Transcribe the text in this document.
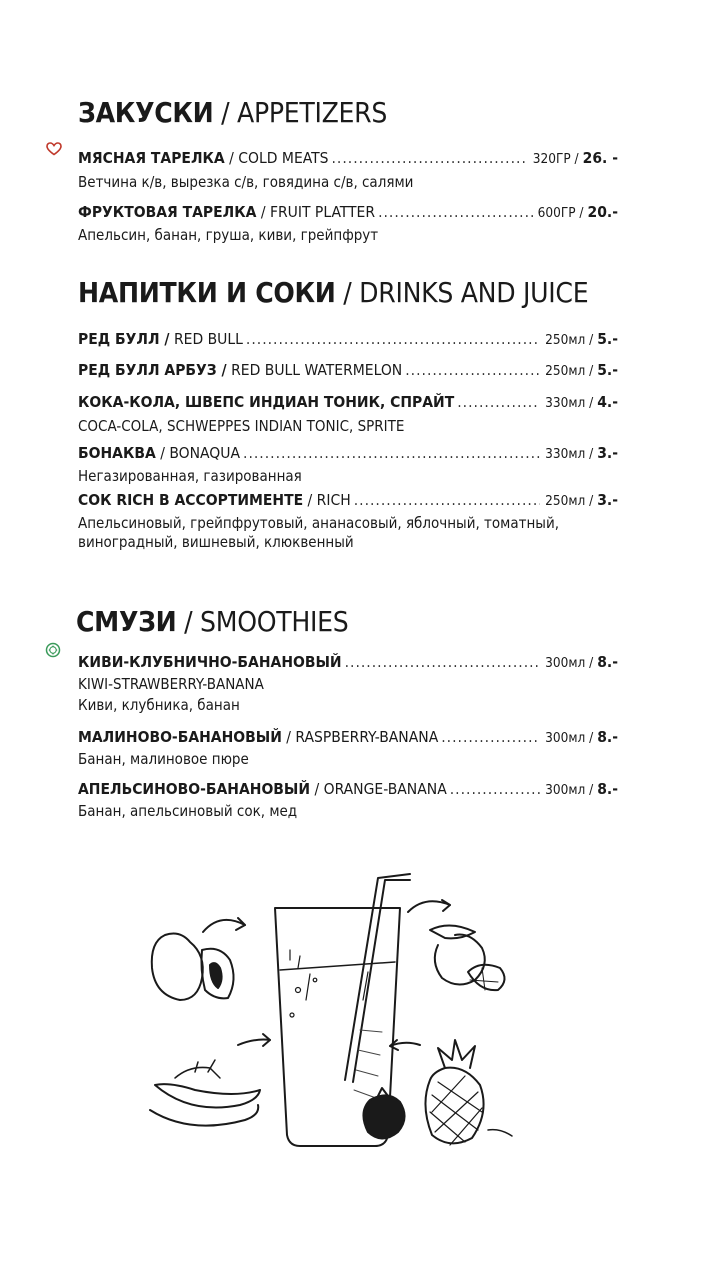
ЗАКУСКИ / APPETIZERS
МЯСНАЯ ТАРЕЛКА / COLD MEATS .....	320ГР / 26. -

Ветчина к/в, вырезка с/в, говядина с/в, салями

ФРУКТОВАЯ ТАРЕЛКА / FRUIT PLATTER .....	600ГР / 20.-

Апельсин, банан, груша, киви, грейпфрут

НАПИТКИ И СОКИ / DRINKS AND JUICE
РЕД БУЛЛ / RED BULL .....	250мл / 5.-
РЕД БУЛЛ АРБУЗ / RED BULL WATERMELON .....	250мл / 5.-
КОКА-КОЛА, ШВЕПС ИНДИАН ТОНИК, СПРАЙТ .....	330мл / 4.-

COCA-COLA, SCHWEPPES INDIAN TONIC, SPRITE

БОНАКВА / BONAQUA .....	330мл / 3.-

Негазированная, газированная

СОК RICH В АССОРТИМЕНТЕ / RICH .....	250мл / 3.-

Апельсиновый, грейпфрутовый, ананасовый, яблочный, томатный,

виноградный, вишневый, клюквенный

СМУЗИ / SMOOTHIES
КИВИ-КЛУБНИЧНО-БАНАНОВЫЙ .....	300мл / 8.-

KIWI-STRAWBERRY-BANANA

Киви, клубника, банан

МАЛИНОВО-БАНАНОВЫЙ / RASPBERRY-BANANA .....	300мл / 8.-

Банан, малиновое пюре

АПЕЛЬСИНОВО-БАНАНОВЫЙ / ORANGE-BANANA .....	300мл / 8.-

Банан, апельсиновый сок, мед
